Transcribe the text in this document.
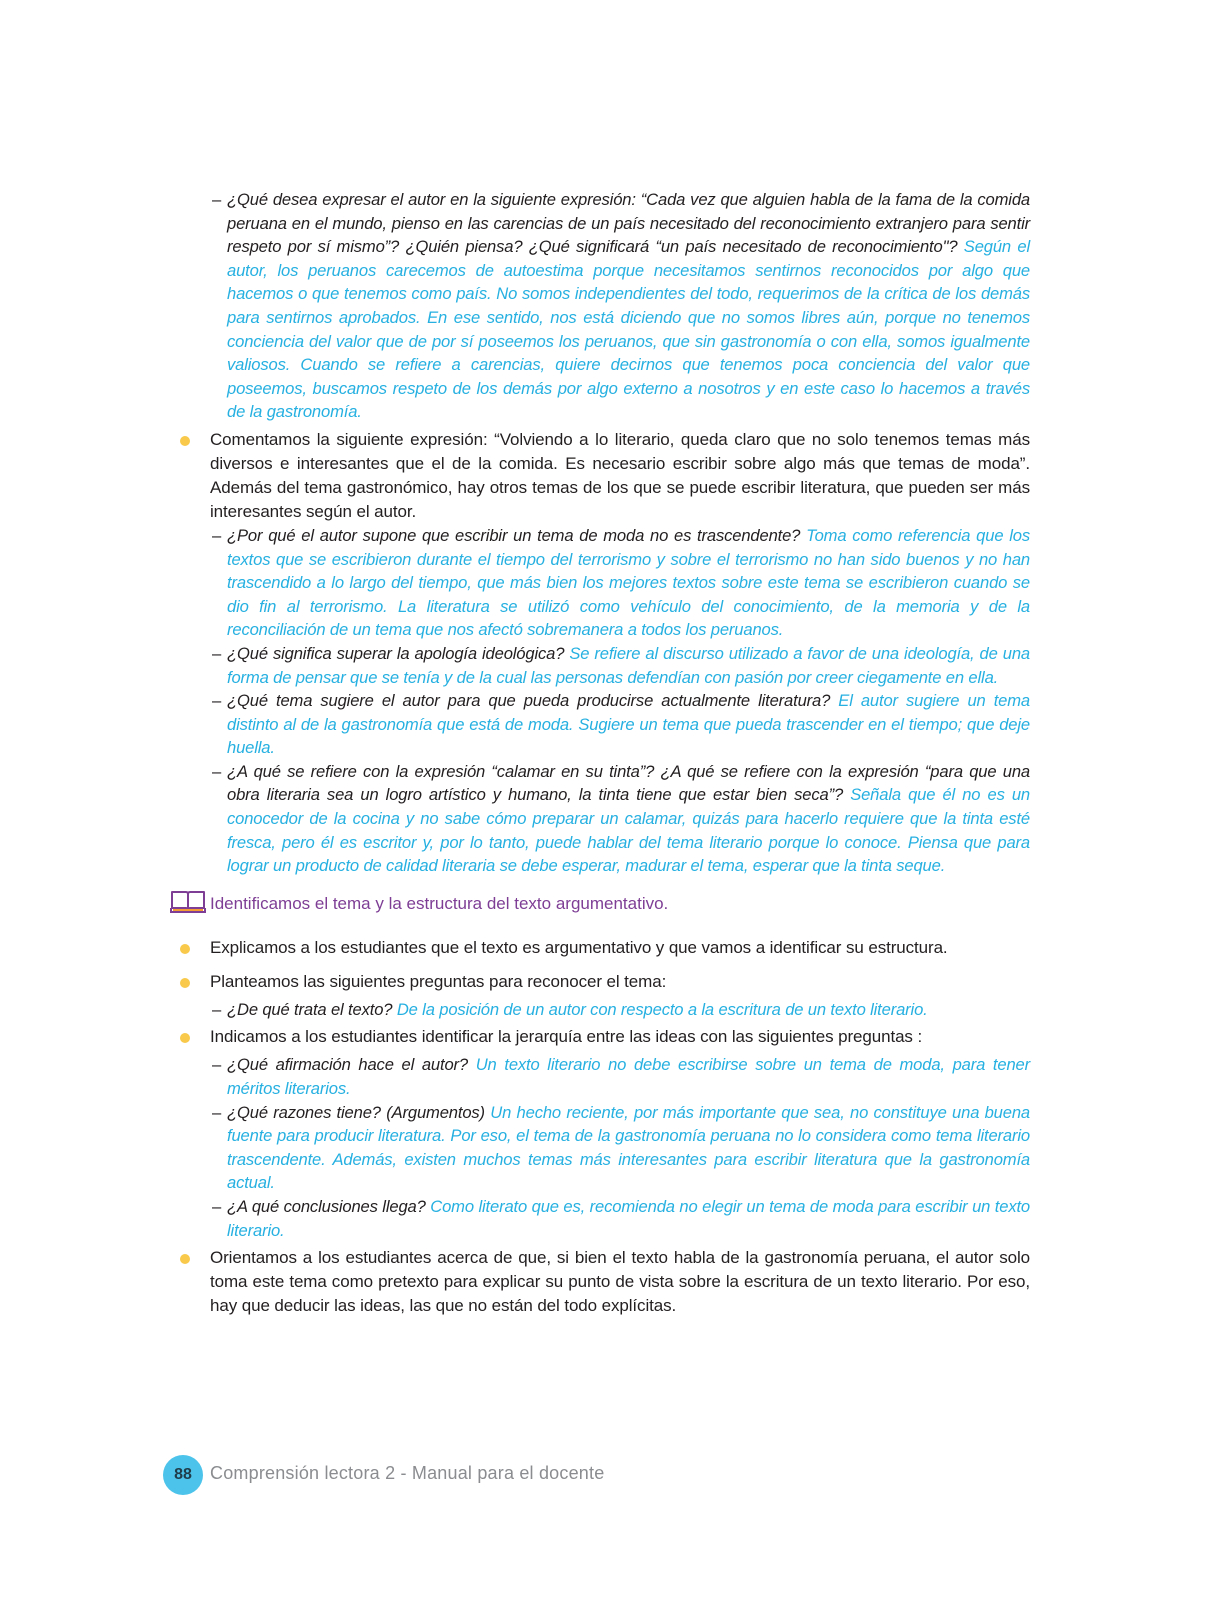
– ¿Qué desea expresar el autor en la siguiente expresión: “Cada vez que alguien habla de la fama de la comida peruana en el mundo, pienso en las carencias de un país necesitado del reconocimiento extranjero para sentir respeto por sí mismo”? ¿Quién piensa? ¿Qué significará “un país necesitado de reconocimiento"? Según el autor, los peruanos carecemos de autoestima porque necesitamos sentirnos reconocidos por algo que hacemos o que tenemos como país. No somos independientes del todo, requerimos de la crítica de los demás para sentirnos aprobados. En ese sentido, nos está diciendo que no somos libres aún, porque no tenemos conciencia del valor que de por sí poseemos los peruanos, que sin gastronomía o con ella, somos igualmente valiosos. Cuando se refiere a carencias, quiere decirnos que tenemos poca conciencia del valor que poseemos, buscamos respeto de los demás por algo externo a nosotros y en este caso lo hacemos a través de la gastronomía.
Comentamos la siguiente expresión: “Volviendo a lo literario, queda claro que no solo tenemos temas más diversos e interesantes que el de la comida. Es necesario escribir sobre algo más que temas de moda”. Además del tema gastronómico, hay otros temas de los que se puede escribir literatura, que pueden ser más interesantes según el autor.
– ¿Por qué el autor supone que escribir un tema de moda no es trascendente? Toma como referencia que los textos que se escribieron durante el tiempo del terrorismo y sobre el terrorismo no han sido buenos y no han trascendido a lo largo del tiempo, que más bien los mejores textos sobre este tema se escribieron cuando se dio fin al terrorismo. La literatura se utilizó como vehículo del conocimiento, de la memoria y de la reconciliación de un tema que nos afectó sobremanera a todos los peruanos.
– ¿Qué significa superar la apología ideológica? Se refiere al discurso utilizado a favor de una ideología, de una forma de pensar que se tenía y de la cual las personas defendían con pasión por creer ciegamente en ella.
– ¿Qué tema sugiere el autor para que pueda producirse actualmente literatura? El autor sugiere un tema distinto al de la gastronomía que está de moda. Sugiere un tema que pueda trascender en el tiempo; que deje huella.
– ¿A qué se refiere con la expresión “calamar en su tinta”? ¿A qué se refiere con la expresión “para que una obra literaria sea un logro artístico y humano, la tinta tiene que estar bien seca”? Señala que él no es un conocedor de la cocina y no sabe cómo preparar un calamar, quizás para hacerlo requiere que la tinta esté fresca, pero él es escritor y, por lo tanto, puede hablar del tema literario porque lo conoce. Piensa que para lograr un producto de calidad literaria se debe esperar, madurar el tema, esperar que la tinta seque.
Identificamos el tema y la estructura del texto argumentativo.
Explicamos a los estudiantes que el texto es argumentativo y que vamos a identificar su estructura.
Planteamos las siguientes preguntas para reconocer el tema:
– ¿De qué trata el texto? De la posición de un autor con respecto a la escritura de un texto literario.
Indicamos a los estudiantes identificar la jerarquía entre las ideas con las siguientes preguntas :
– ¿Qué afirmación hace el autor? Un texto literario no debe escribirse sobre un tema de moda, para tener méritos literarios.
– ¿Qué razones tiene? (Argumentos) Un hecho reciente, por más importante que sea, no constituye una buena fuente para producir literatura. Por eso, el tema de la gastronomía peruana no lo considera como tema literario trascendente. Además, existen muchos temas más interesantes para escribir literatura que la gastronomía actual.
– ¿A qué conclusiones llega? Como literato que es, recomienda no elegir un tema de moda para escribir un texto literario.
Orientamos a los estudiantes acerca de que, si bien el texto habla de la gastronomía peruana, el autor solo toma este tema como pretexto para explicar su punto de vista sobre la escritura de un texto literario. Por eso, hay que deducir las ideas, las que no están del todo explícitas.
88	Comprensión lectora 2 - Manual para el docente
